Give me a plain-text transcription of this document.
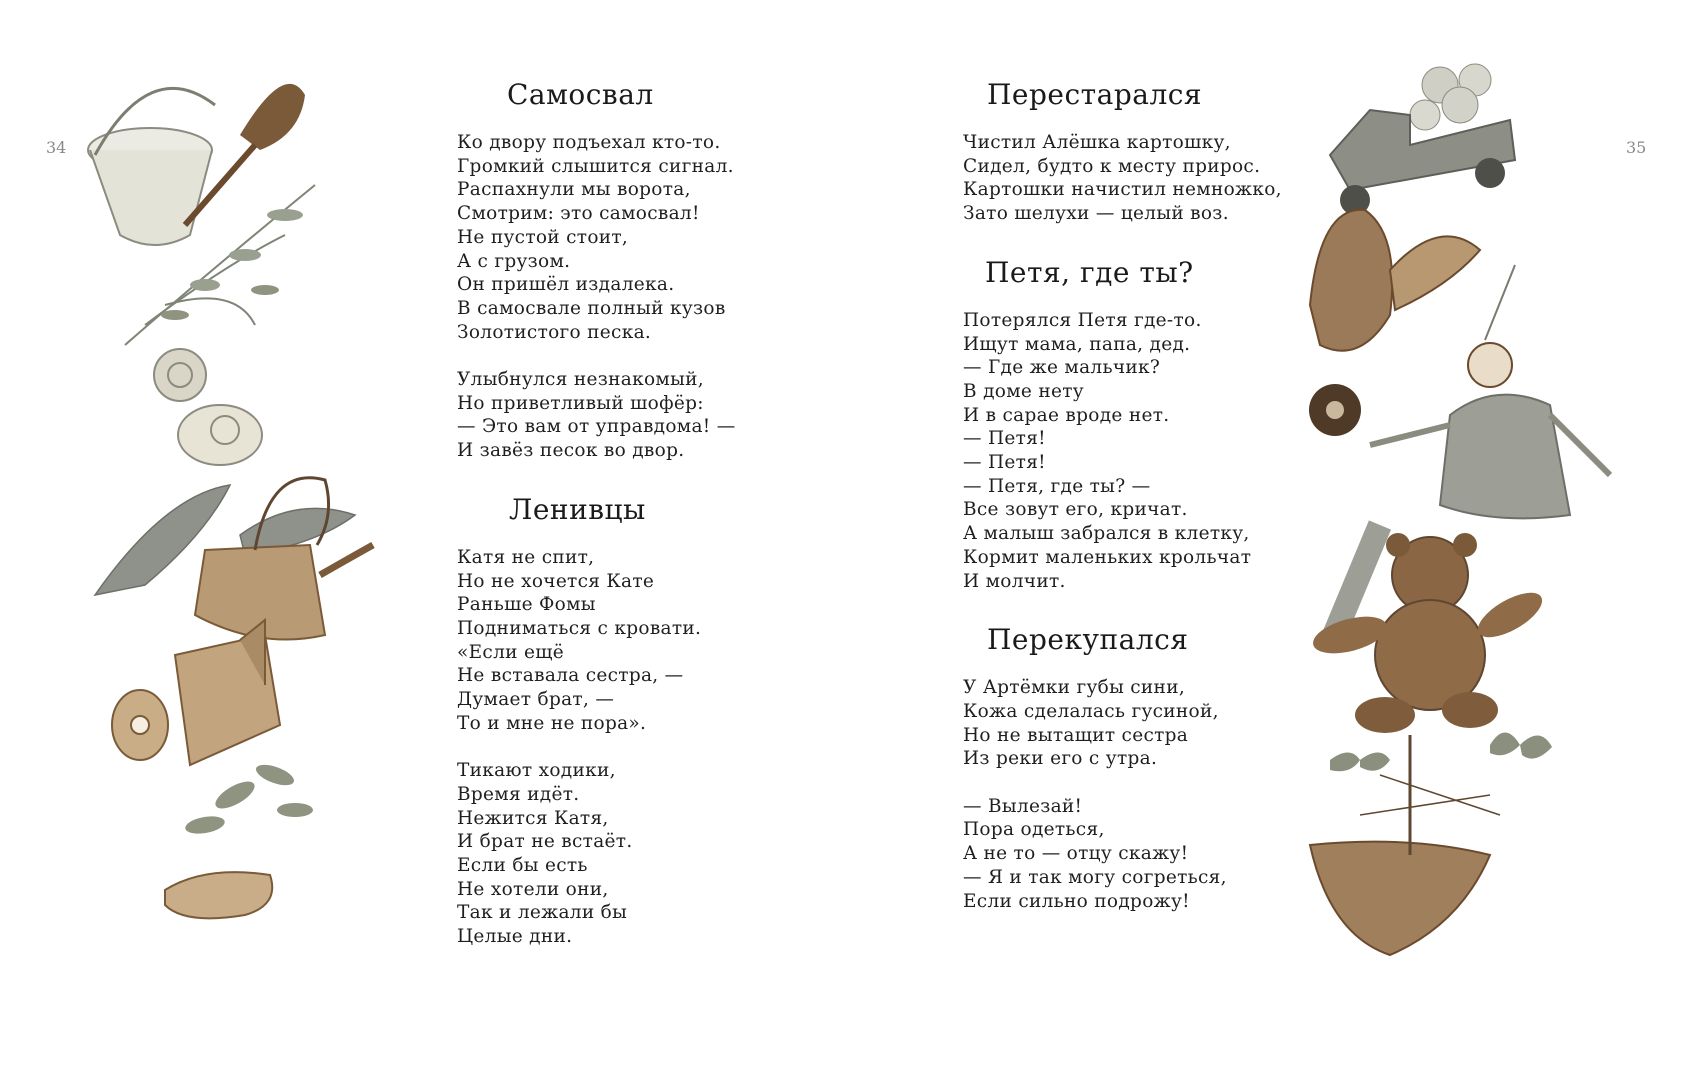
34	35
Самосвал
Ко двору подъехал кто-то.
Громкий слышится сигнал.
Распахнули мы ворота,
Смотрим: это самосвал!
Не пустой стоит,
А с грузом.
Он пришёл издалека.
В самосвале полный кузов
Золотистого песка.
Улыбнулся незнакомый,
Но приветливый шофёр:
— Это вам от управдома! —
И завёз песок во двор.
Ленивцы
Катя не спит,
Но не хочется Кате
Раньше Фомы
Подниматься с кровати.
«Если ещё
Не вставала сестра, —
Думает брат, —
То и мне не пора».
Тикают ходики,
Время идёт.
Нежится Катя,
И брат не встаёт.
Если бы есть
Не хотели они,
Так и лежали бы
Целые дни.
Перестарался
Чистил Алёшка картошку,
Сидел, будто к месту прирос.
Картошки начистил немножко,
Зато шелухи — целый воз.
Петя, где ты?
Потерялся Петя где-то.
Ищут мама, папа, дед.
— Где же мальчик?
В доме нету
И в сарае вроде нет.
— Петя!
— Петя!
— Петя, где ты? —
Все зовут его, кричат.
А малыш забрался в клетку,
Кормит маленьких крольчат
И молчит.
Перекупался
У Артёмки губы сини,
Кожа сделалась гусиной,
Но не вытащит сестра
Из реки его с утра.
— Вылезай!
Пора одеться,
А не то — отцу скажу!
— Я и так могу согреться,
Если сильно подрожу!
